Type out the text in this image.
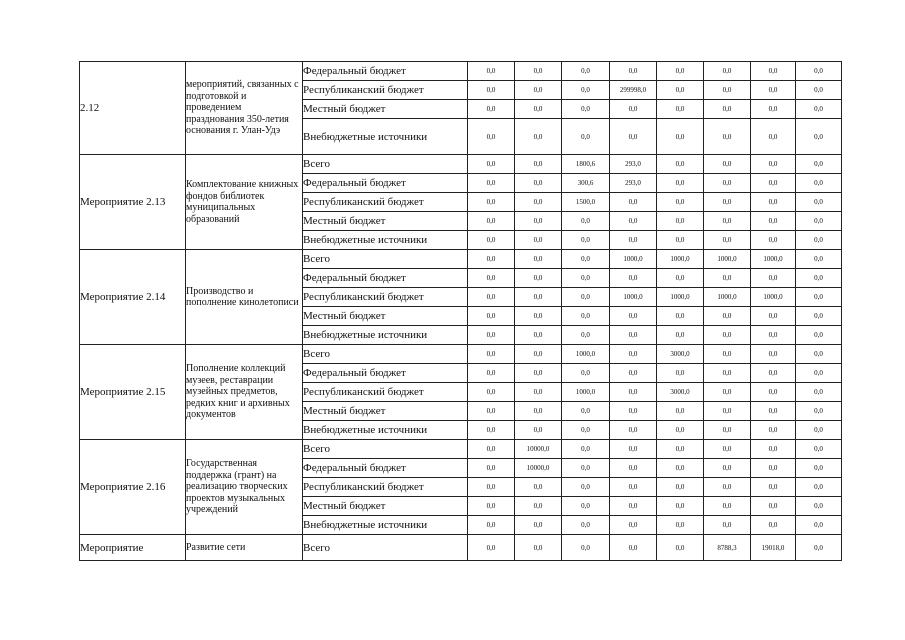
2.12	мероприятий, связанных с подготовкой и проведением празднования 350-летия основания г. Улан-Удэ	Федеральный бюджет	0,0	0,0	0,0	0,0	0,0	0,0	0,0	0,0
		Республиканский бюджет	0,0	0,0	0,0	299998,0	0,0	0,0	0,0	0,0
		Местный бюджет	0,0	0,0	0,0	0,0	0,0	0,0	0,0	0,0
		Внебюджетные источники	0,0	0,0	0,0	0,0	0,0	0,0	0,0	0,0
Мероприятие 2.13	Комплектование книжных фондов библиотек муниципальных образований	Всего	0,0	0,0	1800,6	293,0	0,0	0,0	0,0	0,0
		Федеральный бюджет	0,0	0,0	300,6	293,0	0,0	0,0	0,0	0,0
		Республиканский бюджет	0,0	0,0	1500,0	0,0	0,0	0,0	0,0	0,0
		Местный бюджет	0,0	0,0	0,0	0,0	0,0	0,0	0,0	0,0
		Внебюджетные источники	0,0	0,0	0,0	0,0	0,0	0,0	0,0	0,0
Мероприятие 2.14	Производство и пополнение кинолетописи	Всего	0,0	0,0	0,0	1000,0	1000,0	1000,0	1000,0	0,0
		Федеральный бюджет	0,0	0,0	0,0	0,0	0,0	0,0	0,0	0,0
		Республиканский бюджет	0,0	0,0	0,0	1000,0	1000,0	1000,0	1000,0	0,0
		Местный бюджет	0,0	0,0	0,0	0,0	0,0	0,0	0,0	0,0
		Внебюджетные источники	0,0	0,0	0,0	0,0	0,0	0,0	0,0	0,0
Мероприятие 2.15	Пополнение коллекций музеев, реставрации музейных предметов, редких книг и архивных документов	Всего	0,0	0,0	1000,0	0,0	3000,0	0,0	0,0	0,0
		Федеральный бюджет	0,0	0,0	0,0	0,0	0,0	0,0	0,0	0,0
		Республиканский бюджет	0,0	0,0	1000,0	0,0	3000,0	0,0	0,0	0,0
		Местный бюджет	0,0	0,0	0,0	0,0	0,0	0,0	0,0	0,0
		Внебюджетные источники	0,0	0,0	0,0	0,0	0,0	0,0	0,0	0,0
Мероприятие 2.16	Государственная поддержка (грант) на реализацию творческих проектов музыкальных учреждений	Всего	0,0	10000,0	0,0	0,0	0,0	0,0	0,0	0,0
		Федеральный бюджет	0,0	10000,0	0,0	0,0	0,0	0,0	0,0	0,0
		Республиканский бюджет	0,0	0,0	0,0	0,0	0,0	0,0	0,0	0,0
		Местный бюджет	0,0	0,0	0,0	0,0	0,0	0,0	0,0	0,0
		Внебюджетные источники	0,0	0,0	0,0	0,0	0,0	0,0	0,0	0,0
Мероприятие	Развитие сети	Всего	0,0	0,0	0,0	0,0	0,0	8788,3	19018,0	0,0
